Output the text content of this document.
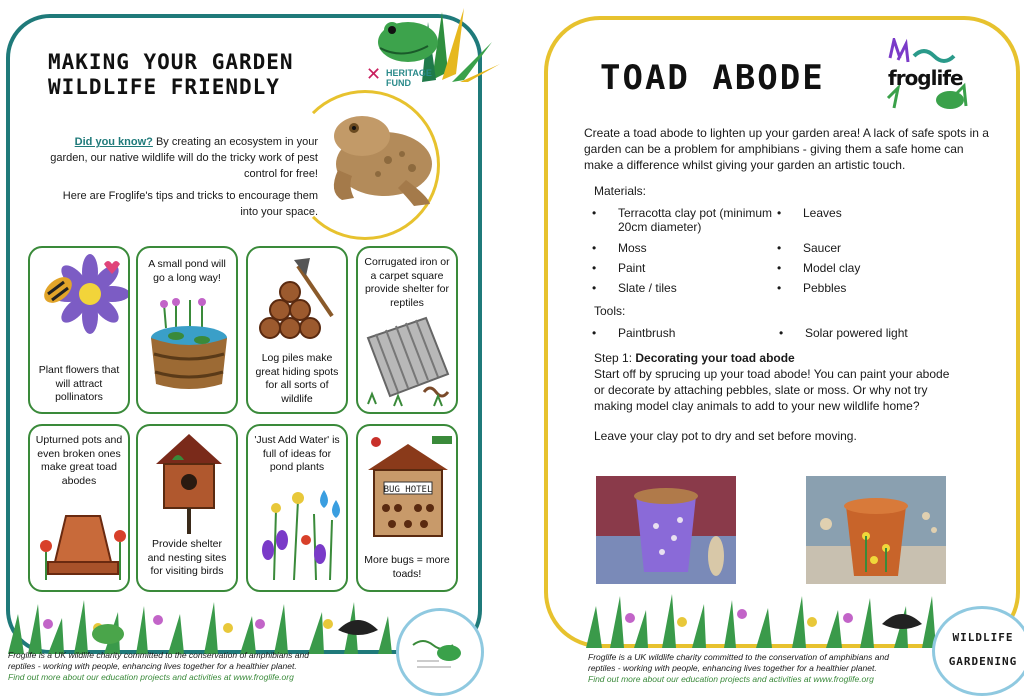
MAKING YOUR GARDEN
WILDLIFE FRIENDLY
✕ HERITAGE
FUND

Did you know? By creating an ecosystem in your garden, our native wildlife will do the tricky work of pest control for free!

Here are Froglife's tips and tricks to encourage them into your space.

Plant flowers that will attract pollinators
A small pond will go a long way!
Log piles make great hiding spots for all sorts of wildlife
Corrugated iron or a carpet square provide shelter for reptiles
Upturned pots and even broken ones make great toad abodes
Provide shelter and nesting sites for visiting birds
'Just Add Water' is full of ideas for pond plants
BUG HOTEL
More bugs = more toads!
Froglife is a UK wildlife charity committed to the conservation of amphibians and
reptiles - working with people, enhancing lives together for a healthier planet.
Find out more about our education projects and activities at www.froglife.org
TOAD ABODE	froglife
Create a toad abode to lighten up your garden area! A lack of safe spots in a garden can be a problem for amphibians - giving them a safe home can make a difference whilst giving your garden an artistic touch.
Materials:
• Terracotta clay pot (minimum 20cm diameter)
• Moss
• Paint
• Slate / tiles
• Leaves
• Saucer
• Model clay
• Pebbles
Tools:
• Paintbrush
•	Solar powered light
Step 1: Decorating your toad abode
Start off by sprucing up your toad abode! You can paint your abode or decorate by attaching pebbles, slate or moss. Or why not try making model clay animals to add to your new wildlife home?
Leave your clay pot to dry and set before moving.
WILDLIFE
GARDENING
Froglife is a UK wildlife charity committed to the conservation of amphibians and
reptiles - working with people, enhancing lives together for a healthier planet.
Find out more about our education projects and activities at www.froglife.org
